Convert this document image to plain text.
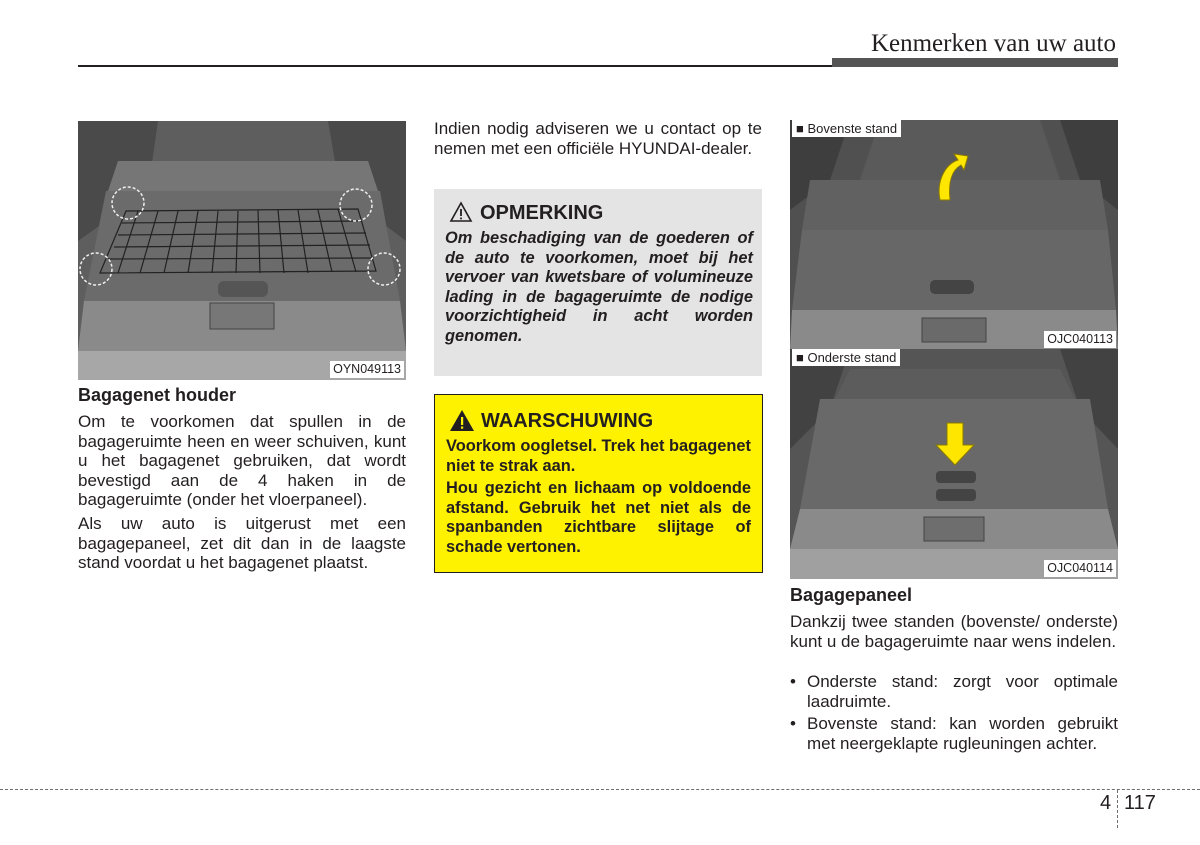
Kenmerken van uw auto
OYN049113
Bagagenet houder

Om te voorkomen dat spullen in de bagageruimte heen en weer schuiven, kunt u het bagagenet gebruiken, dat wordt bevestigd aan de 4 haken in de bagageruimte (onder het vloerpaneel).

Als uw auto is uitgerust met een bagagepaneel, zet dit dan in de laagste stand voordat u het bagagenet plaatst.

Indien nodig adviseren we u contact op te nemen met een officiële HYUNDAI-dealer.

OPMERKING

Om beschadiging van de goederen of de auto te voorkomen, moet bij het vervoer van kwetsbare of volumineuze lading in de bagageruimte de nodige voorzichtigheid in acht worden genomen.

WAARSCHUWING

Voorkom oogletsel. Trek het bagagenet niet te strak aan.

Hou gezicht en lichaam op voldoende afstand. Gebruik het net niet als de spanbanden zichtbare slijtage of schade vertonen.

■ Bovenste stand
OJC040113
■ Onderste stand
OJC040114
Bagagepaneel

Dankzij twee standen (bovenste/ onderste) kunt u de bagageruimte naar wens indelen.

• Onderste stand: zorgt voor optimale laadruimte.
• Bovenste stand: kan worden gebruikt met neergeklapte rugleuningen achter.
4 117
